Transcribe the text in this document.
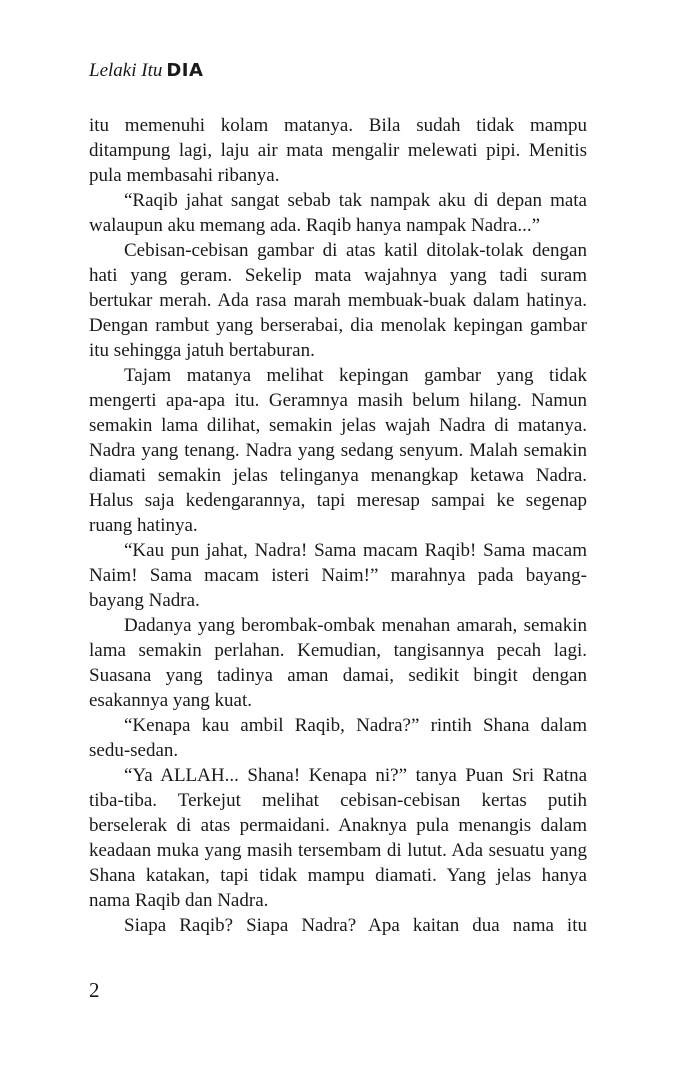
Lelaki Itu DIA

itu memenuhi kolam matanya. Bila sudah tidak mampu ditampung lagi, laju air mata mengalir melewati pipi. Menitis pula membasahi ribanya.

“Raqib jahat sangat sebab tak nampak aku di depan mata walaupun aku memang ada. Raqib hanya nampak Nadra...”

Cebisan-cebisan gambar di atas katil ditolak-tolak dengan hati yang geram. Sekelip mata wajahnya yang tadi suram bertukar merah. Ada rasa marah membuak-buak dalam hatinya. Dengan rambut yang berserabai, dia menolak kepingan gambar itu sehingga jatuh bertaburan.

Tajam matanya melihat kepingan gambar yang tidak mengerti apa-apa itu. Geramnya masih belum hilang. Namun semakin lama dilihat, semakin jelas wajah Nadra di matanya. Nadra yang tenang. Nadra yang sedang senyum. Malah semakin diamati semakin jelas telinganya menangkap ketawa Nadra. Halus saja kedengarannya, tapi meresap sampai ke segenap ruang hatinya.

“Kau pun jahat, Nadra! Sama macam Raqib! Sama macam Naim! Sama macam isteri Naim!” marahnya pada bayang-bayang Nadra.

Dadanya yang berombak-ombak menahan amarah, semakin lama semakin perlahan. Kemudian, tangisannya pecah lagi. Suasana yang tadinya aman damai, sedikit bingit dengan esakannya yang kuat.

“Kenapa kau ambil Raqib, Nadra?” rintih Shana dalam sedu-sedan.

“Ya ALLAH... Shana! Kenapa ni?” tanya Puan Sri Ratna tiba-tiba. Terkejut melihat cebisan-cebisan kertas putih berselerak di atas permaidani. Anaknya pula menangis dalam keadaan muka yang masih tersembam di lutut. Ada sesuatu yang Shana katakan, tapi tidak mampu diamati. Yang jelas hanya nama Raqib dan Nadra.

Siapa Raqib? Siapa Nadra? Apa kaitan dua nama itu

2
